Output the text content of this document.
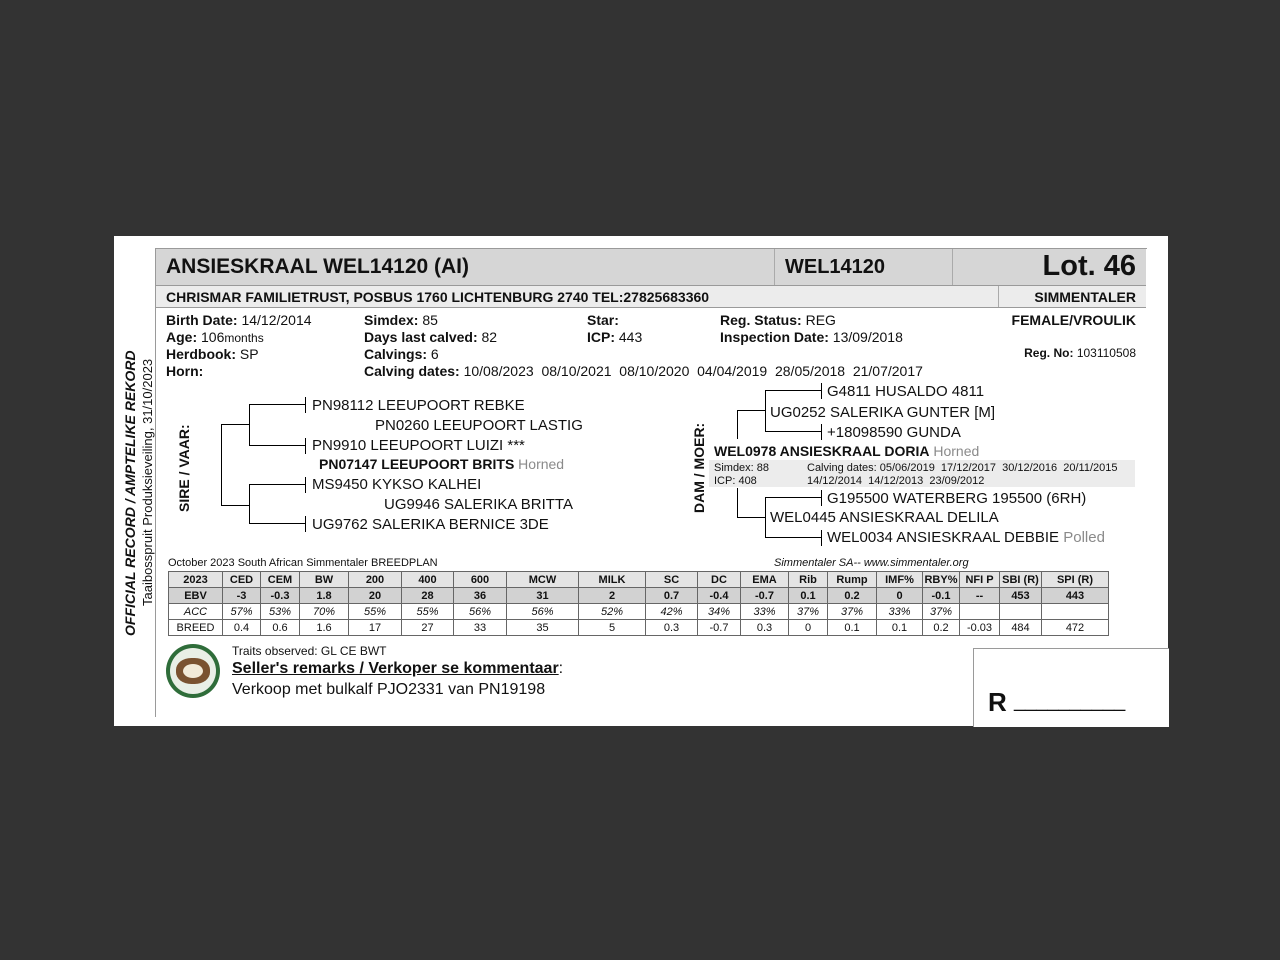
OFFICIAL RECORD / AMPTELIKE REKORD Taaibosspruit Produksieveiling, 31/10/2023
ANSIESKRAAL WEL14120 (AI)	WEL14120	Lot. 46
CHRISMAR FAMILIETRUST, POSBUS 1760 LICHTENBURG 2740 TEL:27825683360	SIMMENTALER
Birth Date: 14/12/2014
Age: 106months
Herdbook: SP
Horn:
Simdex: 85
Days last calved: 82
Calvings: 6
Calving dates: 10/08/2023  08/10/2021  08/10/2020  04/04/2019  28/05/2018  21/07/2017
Star:
ICP: 443
Reg. Status: REG
Inspection Date: 13/09/2018
FEMALE/VROULIK
Reg. No: 103110508
SIRE / VAAR:
PN98112 LEEUPOORT REBKE
PN0260 LEEUPOORT LASTIG
PN9910 LEEUPOORT LUIZI ***
PN07147 LEEUPOORT BRITS Horned
MS9450 KYKSO KALHEI
UG9946 SALERIKA BRITTA
UG9762 SALERIKA BERNICE 3DE
DAM / MOER:
G4811 HUSALDO 4811
UG0252 SALERIKA GUNTER [M]
+18098590 GUNDA
WEL0978 ANSIESKRAAL DORIA Horned
Simdex: 88
ICP: 408
Calving dates: 05/06/2019  17/12/2017  30/12/2016  20/11/2015
14/12/2014  14/12/2013  23/09/2012
G195500 WATERBERG 195500 (6RH)
WEL0445 ANSIESKRAAL DELILA
WEL0034 ANSIESKRAAL DEBBIE Polled
October 2023 South African Simmentaler BREEDPLAN	Simmentaler SA-- www.simmentaler.org
2023	CED	CEM	BW	200	400	600	MCW	MILK	SC	DC	EMA	Rib	Rump	IMF%	RBY%	NFI P	SBI (R)	SPI (R)
EBV	-3	-0.3	1.8	20	28	36	31	2	0.7	-0.4	-0.7	0.1	0.2	0	-0.1	--	453	443
ACC	57%	53%	70%	55%	55%	56%	56%	52%	42%	34%	33%	37%	37%	33%	37%			
BREED	0.4	0.6	1.6	17	27	33	35	5	0.3	-0.7	0.3	0	0.1	0.1	0.2	-0.03	484	472
Traits observed: GL CE BWT
Seller's remarks / Verkoper se kommentaar:
Verkoop met bulkalf PJO2331 van PN19198	R __________
